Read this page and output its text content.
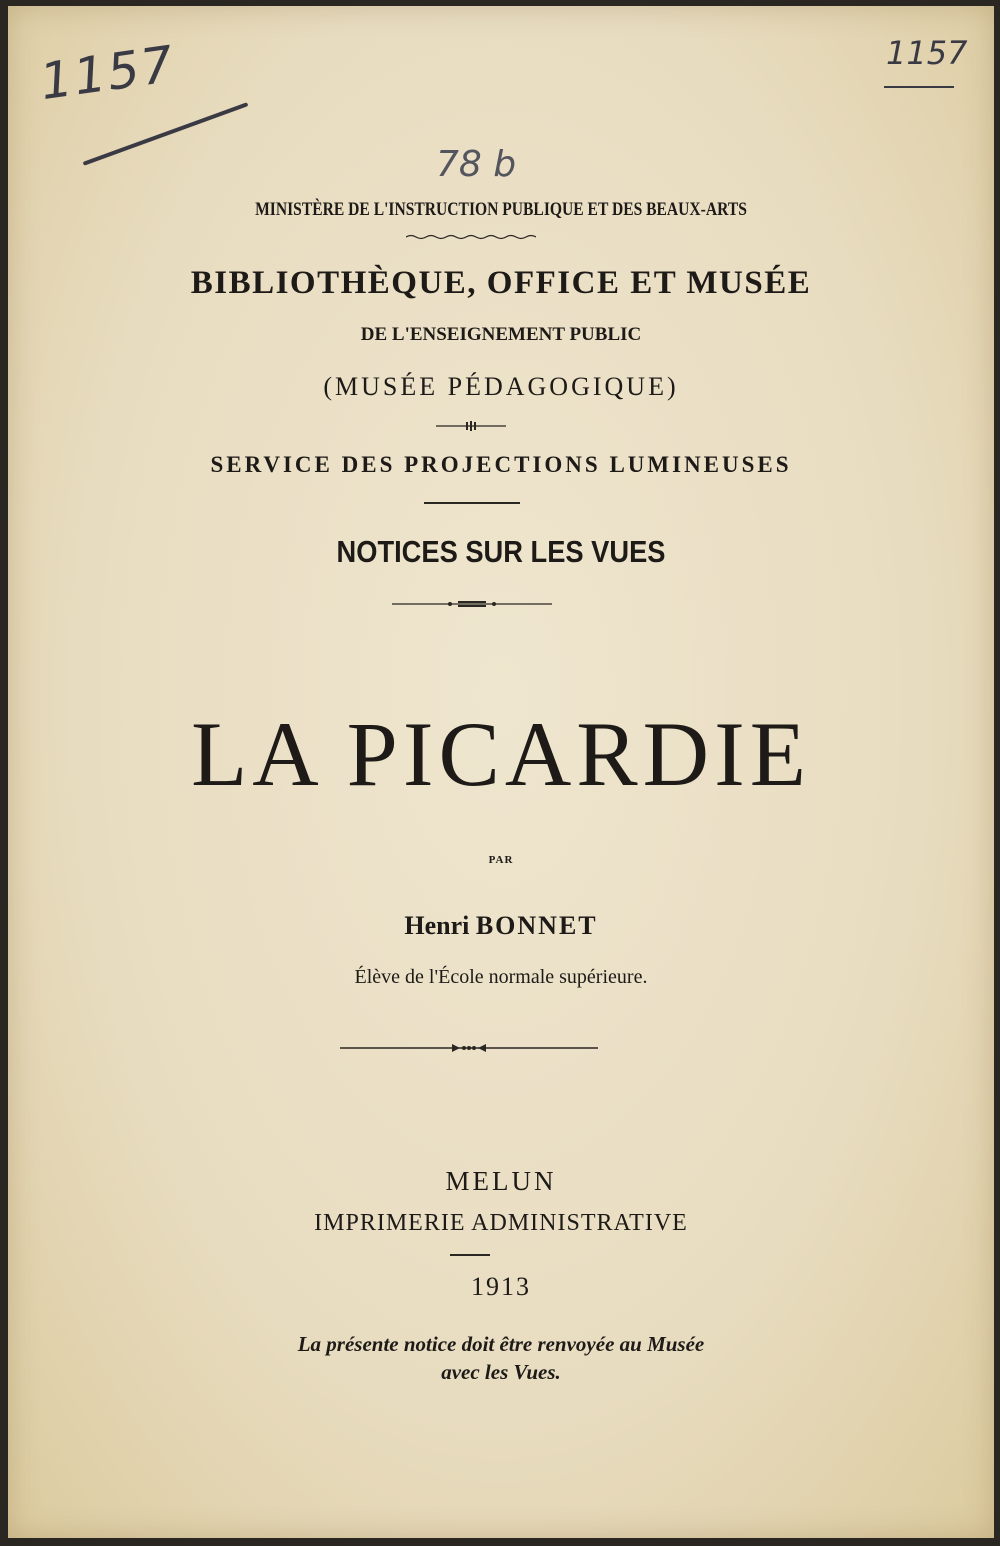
1157	1157
78 b
MINISTÈRE DE L'INSTRUCTION PUBLIQUE ET DES BEAUX-ARTS
BIBLIOTHÈQUE, OFFICE ET MUSÉE
DE L'ENSEIGNEMENT PUBLIC
(MUSÉE PÉDAGOGIQUE)
SERVICE DES PROJECTIONS LUMINEUSES
NOTICES SUR LES VUES
LA PICARDIE
PAR
Henri BONNET
Élève de l'École normale supérieure.
MELUN
IMPRIMERIE ADMINISTRATIVE
1913
La présente notice doit être renvoyée au Musée
avec les Vues.
